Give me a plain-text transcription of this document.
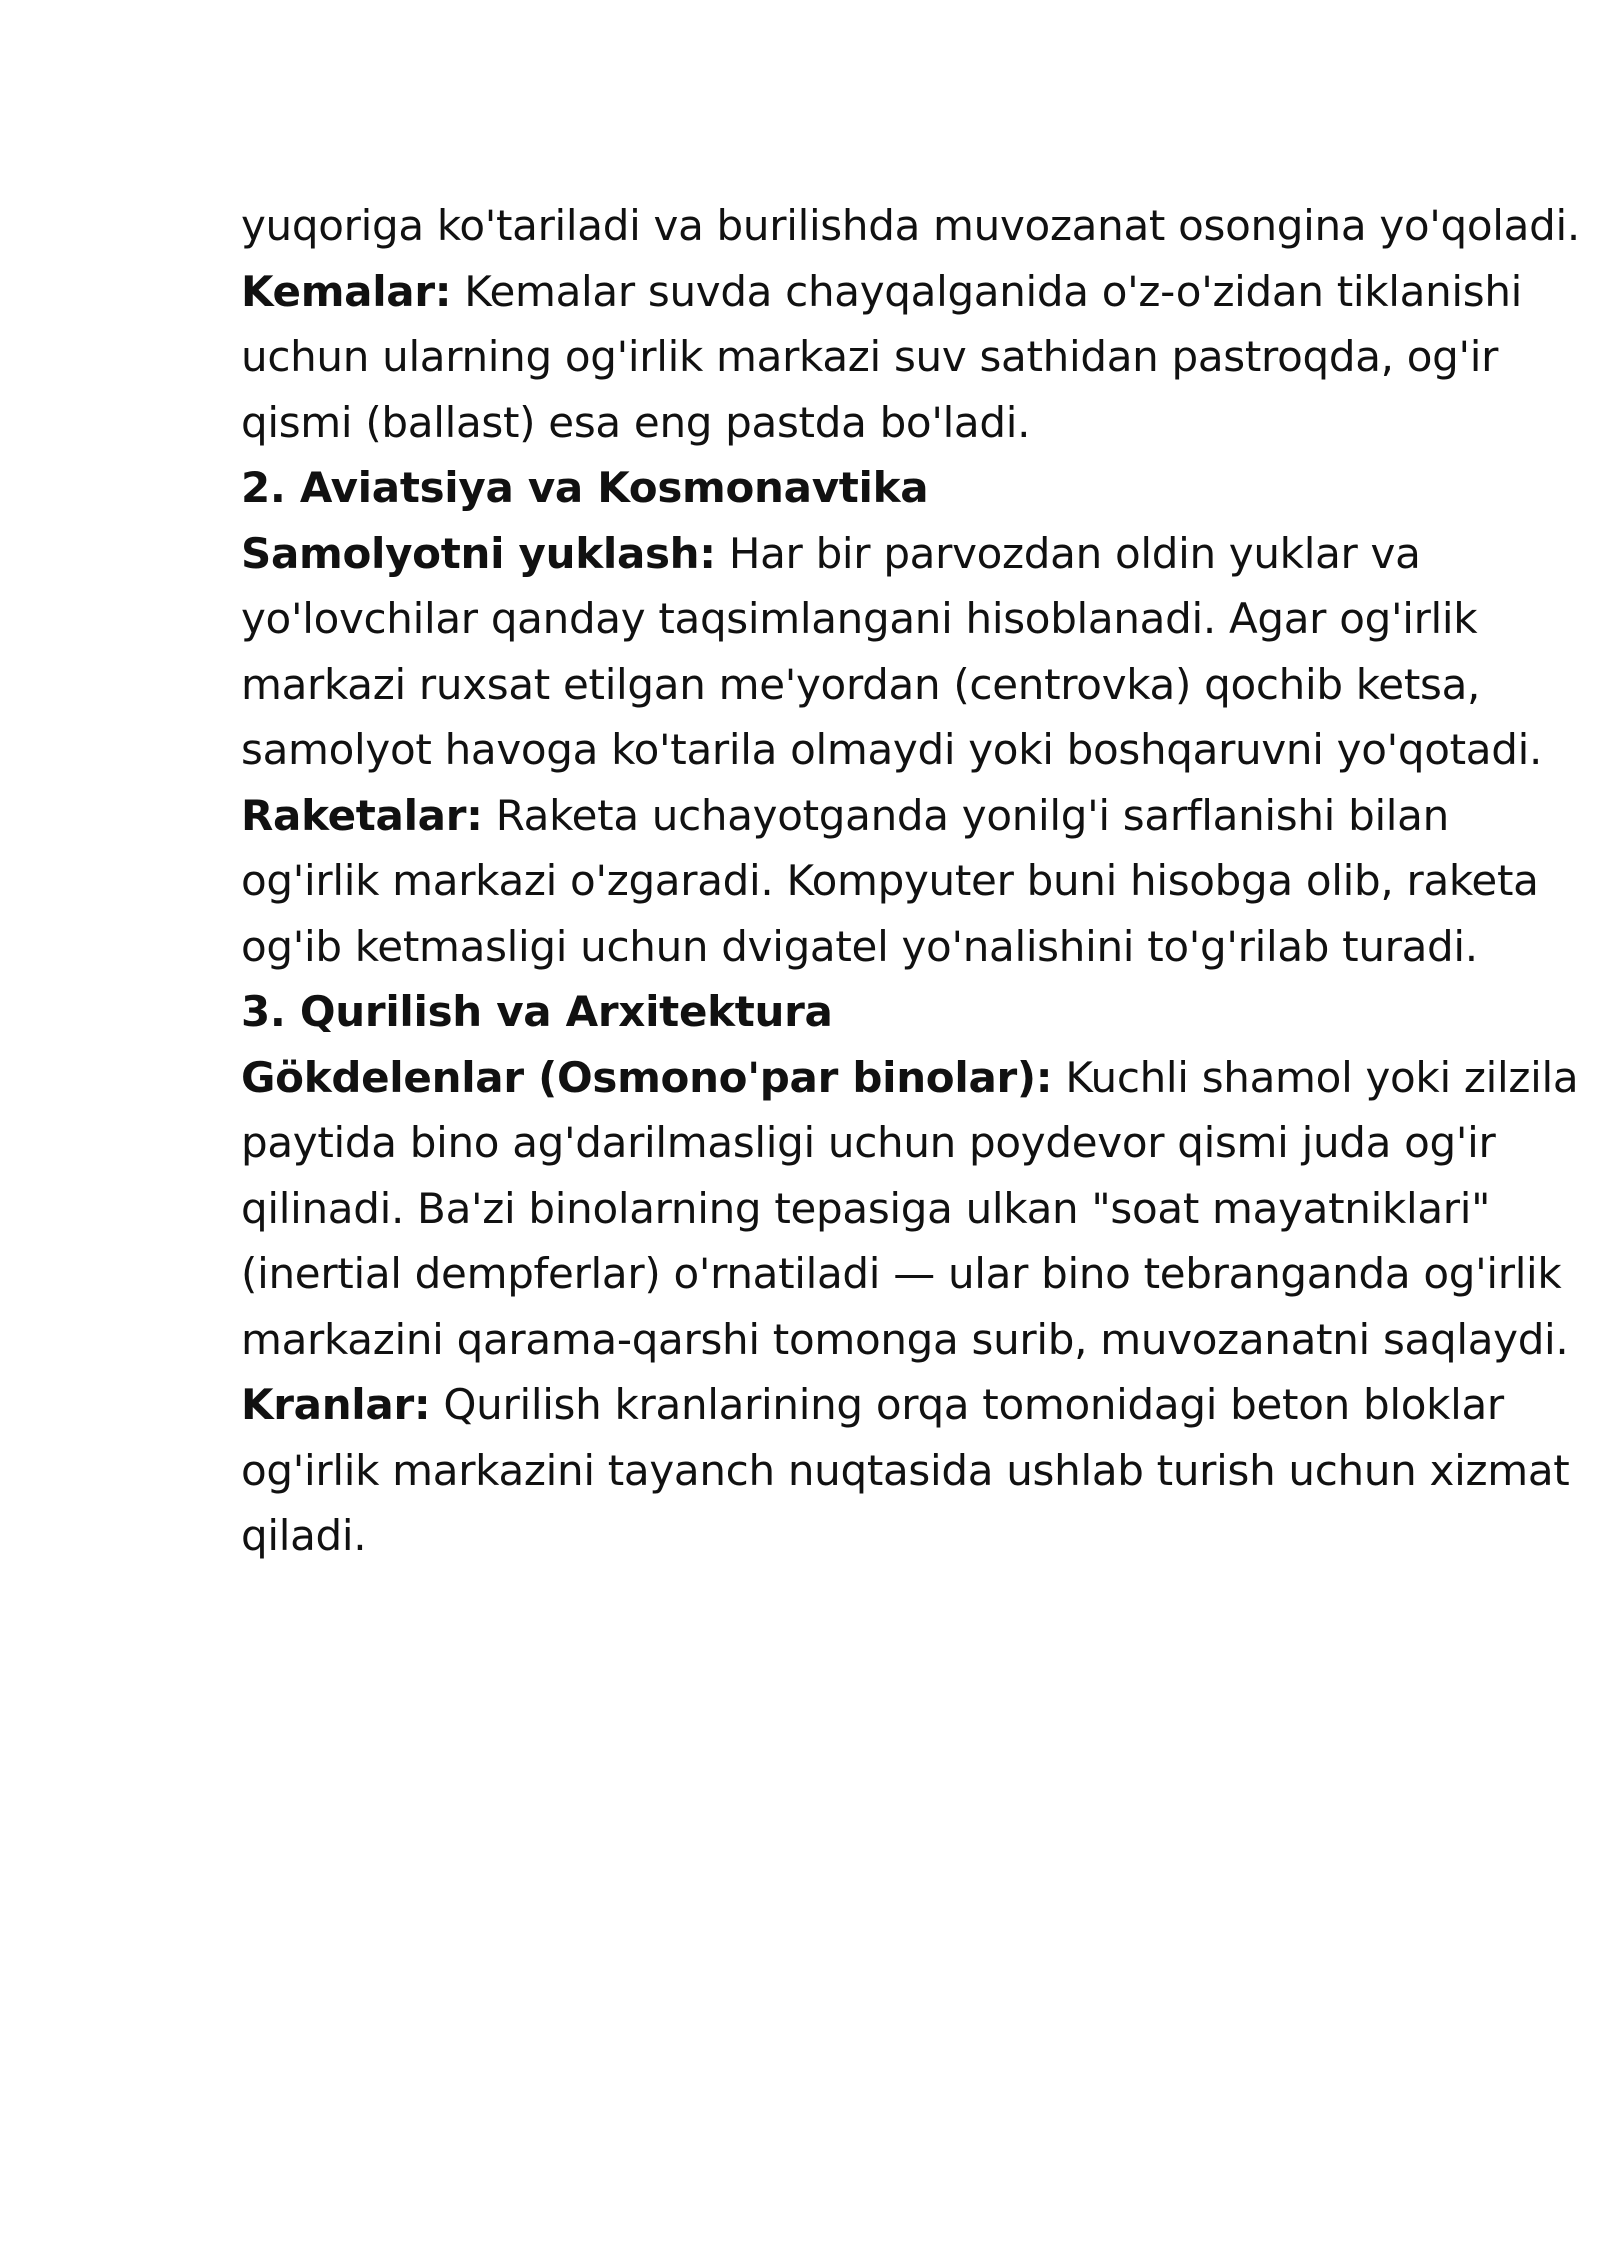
yuqoriga ko'tariladi va burilishda muvozanat osongina yo'qoladi.

Kemalar: Kemalar suvda chayqalganida o'z-o'zidan tiklanishi uchun ularning og'irlik markazi suv sathidan pastroqda, og'ir qismi (ballast) esa eng pastda bo'ladi.

2. Aviatsiya va Kosmonavtika

Samolyotni yuklash: Har bir parvozdan oldin yuklar va yo'lovchilar qanday taqsimlangani hisoblanadi. Agar og'irlik markazi ruxsat etilgan me'yordan (centrovka) qochib ketsa, samolyot havoga ko'tarila olmaydi yoki boshqaruvni yo'qotadi.

Raketalar: Raketa uchayotganda yonilg'i sarflanishi bilan og'irlik markazi o'zgaradi. Kompyuter buni hisobga olib, raketa og'ib ketmasligi uchun dvigatel yo'nalishini to'g'rilab turadi.

3. Qurilish va Arxitektura

Gökdelenlar (Osmono'par binolar): Kuchli shamol yoki zilzila paytida bino ag'darilmasligi uchun poydevor qismi juda og'ir qilinadi. Ba'zi binolarning tepasiga ulkan "soat mayatniklari" (inertial dempferlar) o'rnatiladi — ular bino tebranganda og'irlik markazini qarama-qarshi tomonga surib, muvozanatni saqlaydi.

Kranlar: Qurilish kranlarining orqa tomonidagi beton bloklar og'irlik markazini tayanch nuqtasida ushlab turish uchun xizmat qiladi.
